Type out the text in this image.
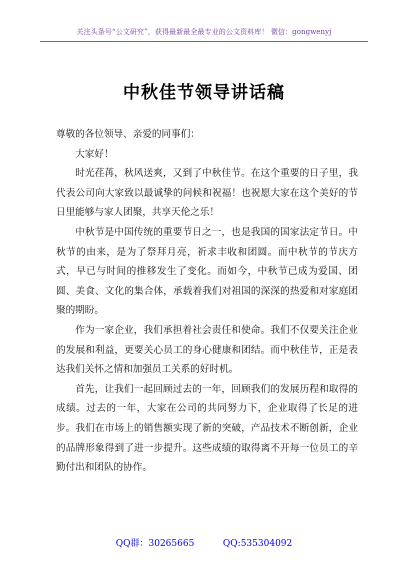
关注头条号“公文研究”，获得最新最全最专业的公文资料库！ 微信：gongwenyj
中秋佳节领导讲话稿

尊敬的各位领导、亲爱的同事们：

大家好！

时光荏苒，秋风送爽，又到了中秋佳节。在这个重要的日子里，我代表公司向大家致以最诚挚的问候和祝福！也祝愿大家在这个美好的节日里能够与家人团聚，共享天伦之乐！

中秋节是中国传统的重要节日之一，也是我国的国家法定节日。中秋节的由来，是为了祭拜月亮，祈求丰收和团圆。而中秋节的节庆方式，早已与时间的推移发生了变化。而如今，中秋节已成为爱国、团圆、美食、文化的集合体，承载着我们对祖国的深深的热爱和对家庭团聚的期盼。

作为一家企业，我们承担着社会责任和使命。我们不仅要关注企业的发展和利益，更要关心员工的身心健康和团结。而中秋佳节，正是表达我们关怀之情和加强员工关系的好时机。

首先，让我们一起回顾过去的一年，回顾我们的发展历程和取得的成绩。过去的一年，大家在公司的共同努力下，企业取得了长足的进步。我们在市场上的销售额实现了新的突破，产品技术不断创新，企业的品牌形象得到了进一步提升。这些成绩的取得离不开每一位员工的辛勤付出和团队的协作。

QQ群：30265665	QQ:535304092
